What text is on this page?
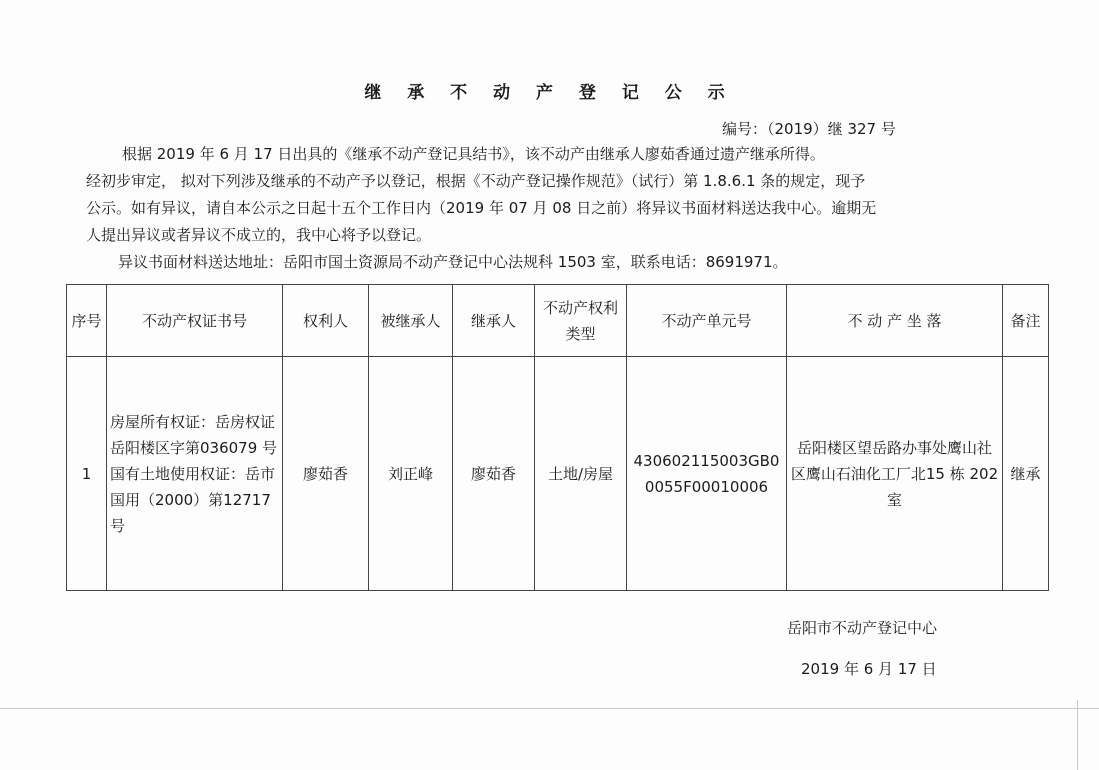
继 承 不 动 产 登 记 公 示
编号：（2019）继 327 号
根据 2019 年 6 月 17 日出具的《继承不动产登记具结书》，该不动产由继承人廖茹香通过遗产继承所得。
经初步审定， 拟对下列涉及继承的不动产予以登记，根据《不动产登记操作规范》（试行）第 1.8.6.1 条的规定，现予
公示。如有异议，请自本公示之日起十五个工作日内（2019 年 07 月 08 日之前）将异议书面材料送达我中心。逾期无
人提出异议或者异议不成立的，我中心将予以登记。
异议书面材料送达地址：岳阳市国土资源局不动产登记中心法规科 1503 室，联系电话：8691971。
序号	不动产权证书号	权利人	被继承人	继承人	不动产权利类型	不动产单元号	不 动 产 坐 落	备注
1	房屋所有权证：岳房权证岳阳楼区字第036079 号 国有土地使用权证：岳市国用（2000）第12717 号	廖茹香	刘正峰	廖茹香	土地/房屋	430602115003GB00055F00010006	岳阳楼区望岳路办事处鹰山社区鹰山石油化工厂北15 栋 202 室	继承
岳阳市不动产登记中心
2019 年 6 月 17 日
